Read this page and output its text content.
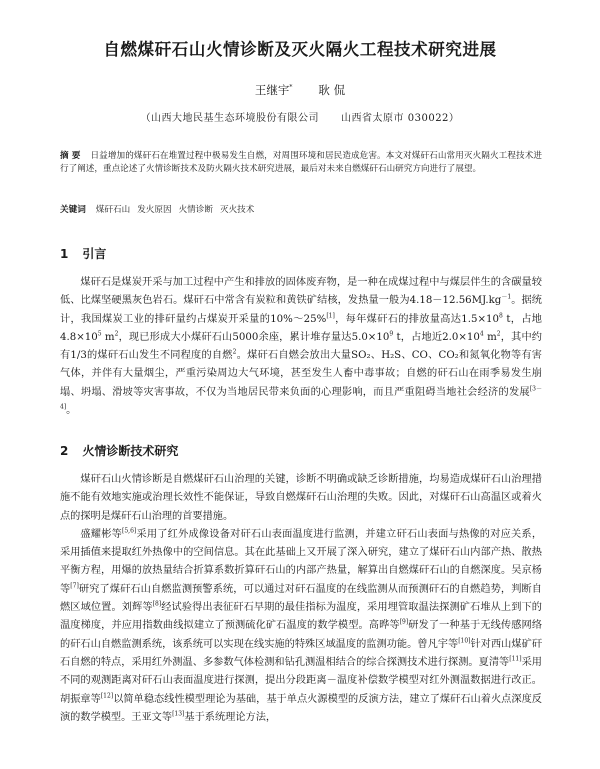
自燃煤矸石山火情诊断及灭火隔火工程技术研究进展
王继宇* 耿 侃
（山西大地民基生态环境股份有限公司 山西省太原市 030022）
摘 要 日益增加的煤矸石在堆置过程中极易发生自燃，对周围环境和居民造成危害。本文对煤矸石山常用灭火隔火工程技术进行了阐述，重点论述了火情诊断技术及防火隔火技术研究进展，最后对未来自燃煤矸石山研究方向进行了展望。
关键词 煤矸石山 发火原因 火情诊断 灭火技术
1 引言

煤矸石是煤炭开采与加工过程中产生和排放的固体废弃物，是一种在成煤过程中与煤层伴生的含碳量较低、比煤坚硬黑灰色岩石。煤矸石中常含有炭粒和黄铁矿结核，发热量一般为$4.18-12.56MJ.kg^{-1}$。据统计，我国煤炭工业的排矸量约占煤炭开采量的10%～25%[1]，每年煤矸石的排放量高达$1.5\times 10^8$ t，占地$4.8\times 10^5$ $m^2$，现已形成大小煤矸石山5000余座，累计堆存量达$5.0\times 10^9$ t，占地近$2.0\times 10^4$ $m^2$，其中约有1/3的煤矸石山发生不同程度的自燃$^2$。煤矸石自燃会放出大量SO₂、H₂S、CO、CO₂和氮氧化物等有害气体，并伴有大量烟尘，严重污染周边大气环境，甚至发生人畜中毒事故；自燃的矸石山在雨季易发生崩塌、坍塌、滑坡等灾害事故，不仅为当地居民带来负面的心理影响，而且严重阻碍当地社会经济的发展[3－4]。

2 火情诊断技术研究

煤矸石山火情诊断是自燃煤矸石山治理的关键，诊断不明确或缺乏诊断措施，均易造成煤矸石山治理措施不能有效地实施或治理长效性不能保证，导致自燃煤矸石山治理的失败。因此，对煤矸石山高温区或着火点的探明是煤矸石山治理的首要措施。

盛耀彬等[5,6]采用了红外成像设备对矸石山表面温度进行监测，并建立矸石山表面与热像的对应关系，采用插值来提取红外热像中的空间信息。其在此基础上又开展了深入研究，建立了煤矸石山内部产热、散热平衡方程，用爆的放热量结合折算系数折算矸石山的内部产热量，解算出自燃煤矸石山的自燃深度。吴京杨等[7]研究了煤矸石山自燃监测预警系统，可以通过对矸石温度的在线监测从而预测矸石的自燃趋势，判断自燃区域位置。刘辉等[8]经试验得出表征矸石早期的最佳指标为温度，采用埋管取温法探测矿石堆从上到下的温度梯度，并应用指数曲线拟建立了预测硫化矿石温度的数学模型。高晔等[9]研发了一种基于无线传感网络的矸石山自燃监测系统，该系统可以实现在线实施的特殊区域温度的监测功能。曾凡宇等[10]针对西山煤矿矸石自燃的特点，采用红外测温、多参数气体检测和钻孔测温相结合的综合探测技术进行探测。夏清等[11]采用不同的观测距离对矸石山表面温度进行探测，提出分段距离－温度补偿数学模型对红外测温数据进行改正。胡振章等[12]以简单稳态线性模型理论为基础，基于单点火源模型的反演方法，建立了煤矸石山着火点深度反演的数学模型。王亚文等[13]基于系统理论方法，
